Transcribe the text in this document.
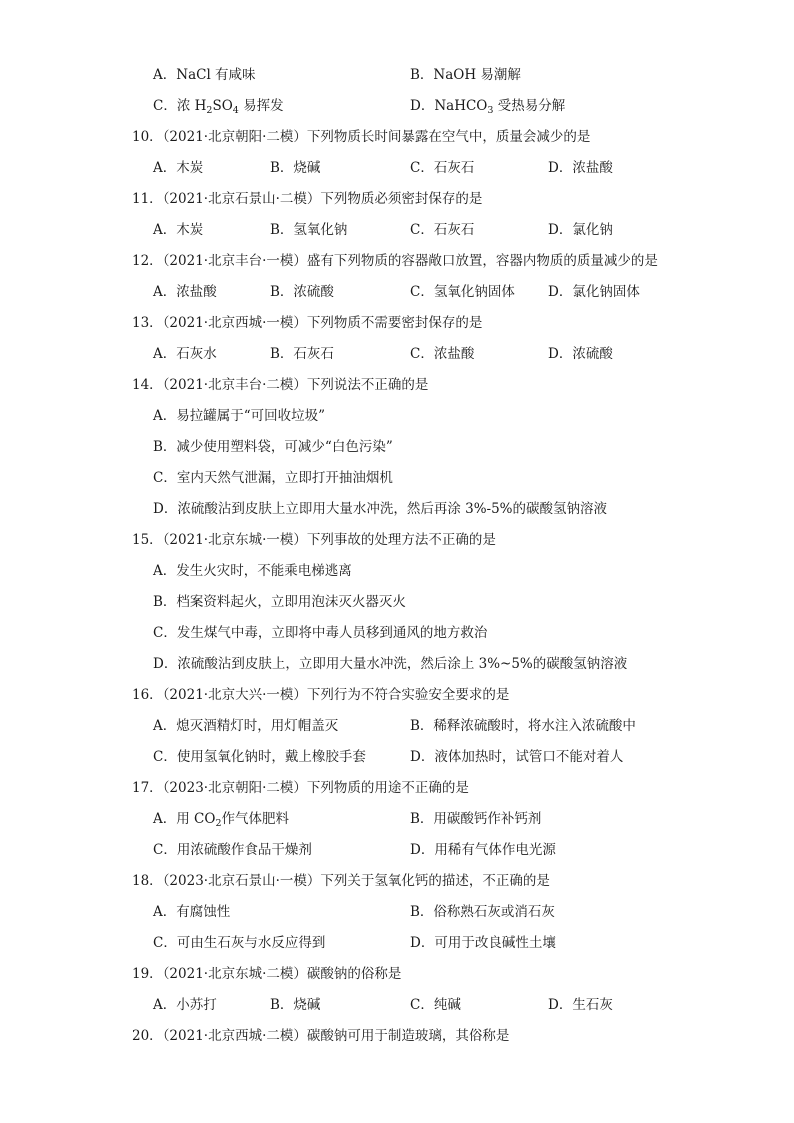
A．NaCl 有咸味	B．NaOH 易潮解
C．浓 $H_2SO_4$ 易挥发	D．NaHCO$_3$ 受热易分解
10．（2021·北京朝阳·二模）下列物质长时间暴露在空气中，质量会减少的是
A．木炭	B．烧碱	C．石灰石	D．浓盐酸
11．（2021·北京石景山·二模）下列物质必须密封保存的是
A．木炭	B．氢氧化钠	C．石灰石	D．氯化钠
12．（2021·北京丰台·一模）盛有下列物质的容器敞口放置，容器内物质的质量减少的是
A．浓盐酸	B．浓硫酸	C．氢氧化钠固体 D．氯化钠固体
13．（2021·北京西城·一模）下列物质不需要密封保存的是
A．石灰水	B．石灰石	C．浓盐酸	D．浓硫酸
14．（2021·北京丰台·二模）下列说法不正确的是
A．易拉罐属于“可回收垃圾”
B．减少使用塑料袋，可减少“白色污染”
C．室内天然气泄漏，立即打开抽油烟机
D．浓硫酸沾到皮肤上立即用大量水冲洗，然后再涂 3%-5%的碳酸氢钠溶液
15．（2021·北京东城·一模）下列事故的处理方法不正确的是
A．发生火灾时，不能乘电梯逃离
B．档案资料起火，立即用泡沫灭火器灭火
C．发生煤气中毒，立即将中毒人员移到通风的地方救治
D．浓硫酸沾到皮肤上，立即用大量水冲洗，然后涂上 3%~5%的碳酸氢钠溶液
16．（2021·北京大兴·一模）下列行为不符合实验安全要求的是
A．熄灭酒精灯时，用灯帽盖灭	B．稀释浓硫酸时，将水注入浓硫酸中
C．使用氢氧化钠时，戴上橡胶手套	D．液体加热时，试管口不能对着人
17．（2023·北京朝阳·二模）下列物质的用途不正确的是
A．用 $CO_2$作气体肥料	B．用碳酸钙作补钙剂
C．用浓硫酸作食品干燥剂	D．用稀有气体作电光源
18．（2023·北京石景山·一模）下列关于氢氧化钙的描述，不正确的是
A．有腐蚀性	B．俗称熟石灰或消石灰
C．可由生石灰与水反应得到	D．可用于改良碱性土壤
19．（2021·北京东城·二模）碳酸钠的俗称是
A．小苏打	B．烧碱	C．纯碱	D．生石灰
20．（2021·北京西城·二模）碳酸钠可用于制造玻璃，其俗称是
